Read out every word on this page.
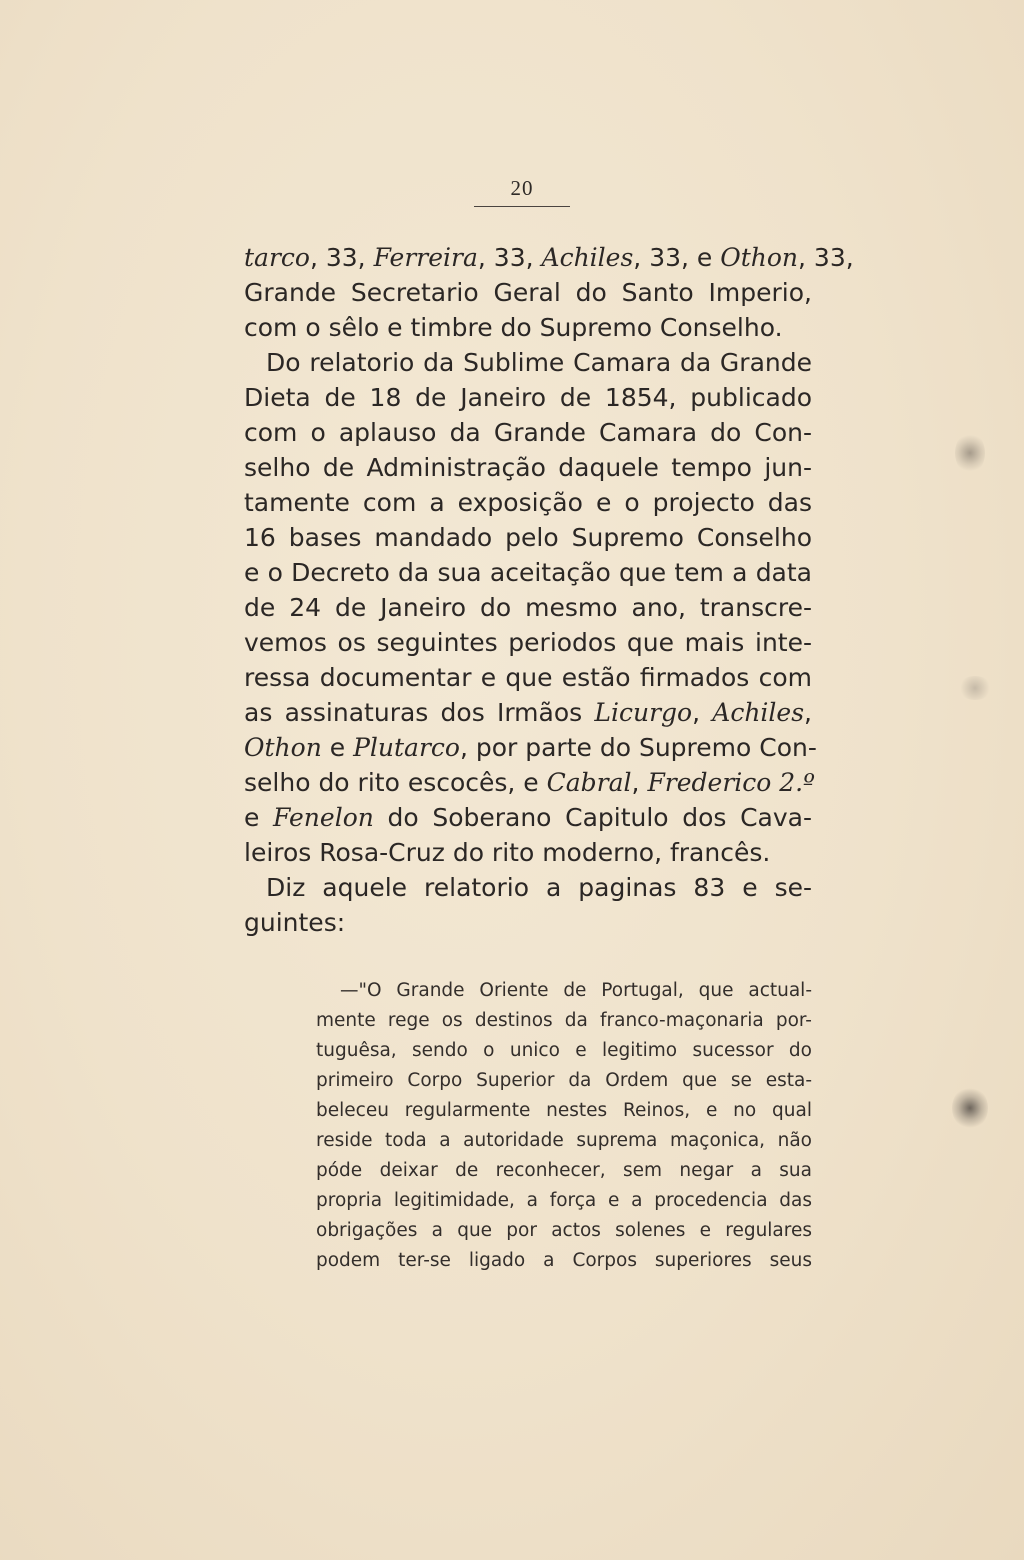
20
tarco, 33, Ferreira, 33, Achiles, 33, e Othon, 33,
Grande Secretario Geral do Santo Imperio,
com o sêlo e timbre do Supremo Conselho.
Do relatorio da Sublime Camara da Grande
Dieta de 18 de Janeiro de 1854, publicado
com o aplauso da Grande Camara do Con-
selho de Administração daquele tempo jun-
tamente com a exposição e o projecto das
16 bases mandado pelo Supremo Conselho
e o Decreto da sua aceitação que tem a data
de 24 de Janeiro do mesmo ano, transcre-
vemos os seguintes periodos que mais inte-
ressa documentar e que estão firmados com
as assinaturas dos Irmãos Licurgo, Achiles,
Othon e Plutarco, por parte do Supremo Con-
selho do rito escocês, e Cabral, Frederico 2.º
e Fenelon do Soberano Capitulo dos Cava-
leiros Rosa-Cruz do rito moderno, francês.
Diz aquele relatorio a paginas 83 e se-
guintes:
—"O Grande Oriente de Portugal, que actual-
mente rege os destinos da franco-maçonaria por-
tuguêsa, sendo o unico e legitimo sucessor do
primeiro Corpo Superior da Ordem que se esta-
beleceu regularmente nestes Reinos, e no qual
reside toda a autoridade suprema maçonica, não
póde deixar de reconhecer, sem negar a sua
propria legitimidade, a força e a procedencia das
obrigações a que por actos solenes e regulares
podem ter-se ligado a Corpos superiores seus
